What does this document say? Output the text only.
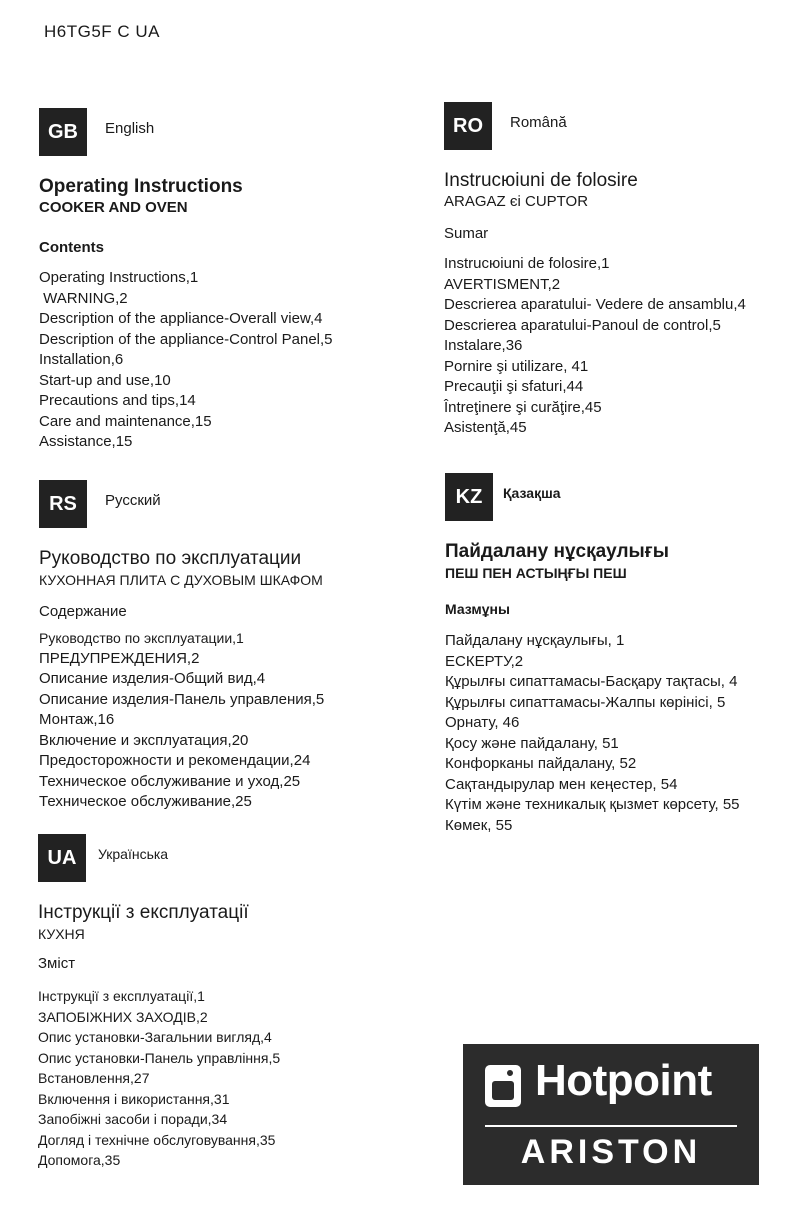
H6TG5F C UA
GB	English
Operating Instructions
COOKER AND OVEN
Contents
Operating Instructions,1
WARNING,2
Description of the appliance-Overall view,4
Description of the appliance-Control Panel,5
Installation,6
Start-up and use,10
Precautions and tips,14
Care and maintenance,15
Assistance,15
RO	Română
Instrucюiuni de folosire
ARAGAZ єі CUPTOR
Sumar
Instrucюiuni de folosire,1
AVERTISMENT,2
Descrierea aparatului- Vedere de ansamblu,4
Descrierea aparatului-Panoul de control,5
Instalare,36
Pornire şi utilizare, 41
Precauţii şi sfaturi,44
Întreţinere şi curăţire,45
Asistenţă,45
RS	Русский
Руководство по эксплуатации
КУХОННАЯ ПЛИТА С ДУХОВЫМ ШКАФОМ
Содержание
Руководство по эксплуатации,1
ПРЕДУПРЕЖДЕНИЯ,2
Описание изделия-Общий вид,4
Описание изделия-Панель управления,5
Монтаж,16
Включение и эксплуатация,20
Предосторожности и рекомендации,24
Техническое обслуживание и уход,25
Техническое обслуживание,25
KZ	Қазақша
Пайдалану нұсқаулығы
ПЕШ ПЕН АСТЫҢҒЫ ПЕШ
Мазмұны
Пайдалану нұсқаулығы, 1
ЕСКЕРТУ,2
Құрылғы сипаттамасы-Басқару тақтасы, 4
Құрылғы сипаттамасы-Жалпы көрінісі, 5
Орнату, 46
Қосу және пайдалану, 51
Конфорканы пайдалану, 52
Сақтандырулар мен кеңестер, 54
Күтім және техникалық қызмет көрсету, 55
Көмек, 55
UA	Українська
Інструкції з експлуатації
КУХНЯ
Зміст
Інструкції з експлуатації,1
ЗАПОБІЖНИХ ЗАХОДІВ,2
Опис установки-Загальнии вигляд,4
Опис установки-Панель управління,5
Встановлення,27
Включення і використання,31
Запобіжні засоби і поради,34
Догляд і технічне обслуговування,35
Допомога,35
Hotpoint
ARISTON
